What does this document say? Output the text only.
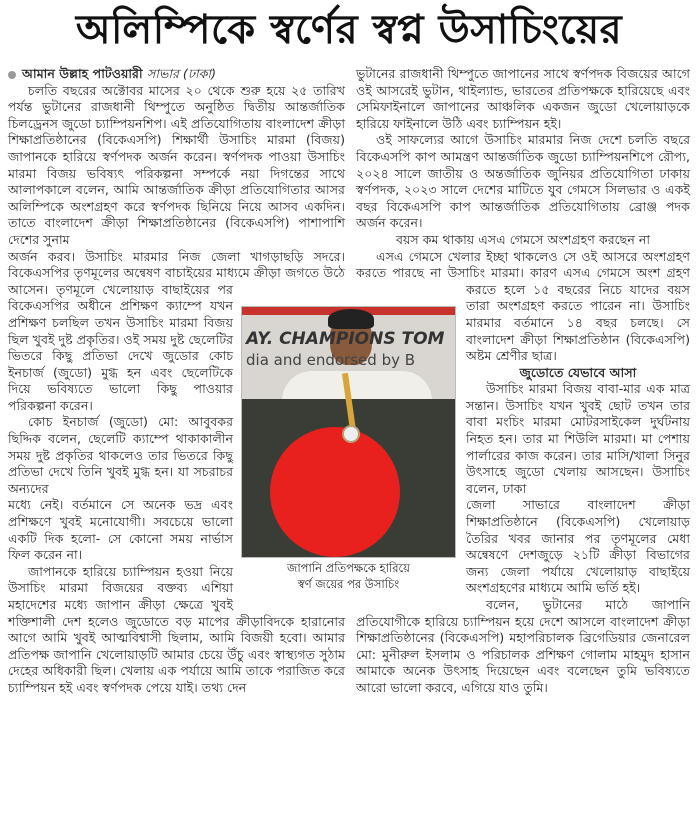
অলিম্পিকে স্বর্ণের স্বপ্ন উসাচিংয়ের

আমান উল্লাহ পাটওয়ারী সাভার (ঢাকা)

চলতি বছরের অক্টোবর মাসের ২০ থেকে শুরু হয়ে ২৫ তারিখ পর্যন্ত ভুটানের রাজধানী থিম্পুতে অনুষ্ঠিত দ্বিতীয় আন্তর্জাতিক চিলড্রেনস জুডো চ্যাম্পিয়নশিপ। এই প্রতিযোগিতায় বাংলাদেশ ক্রীড়া শিক্ষাপ্রতিষ্ঠানের (বিকেএসপি) শিক্ষার্থী উসাচিং মারমা (বিজয়) জাপানকে হারিয়ে স্বর্ণপদক অর্জন করেন। স্বর্ণপদক পাওয়া উসাচিং মারমা বিজয় ভবিষ্যৎ পরিকল্পনা সম্পর্কে নয়া দিগন্তের সাথে আলাপকালে বলেন, আমি আন্তর্জাতিক ক্রীড়া প্রতিযোগিতার আসর অলিম্পিকে অংশগ্রহণ করে স্বর্ণপদক ছিনিয়ে নিয়ে আসব একদিন। তাতে বাংলাদেশ ক্রীড়া শিক্ষাপ্রতিষ্ঠানের (বিকেএসপি) পাশাপাশি দেশের সুনাম

অর্জন করব। উসাচিং মারমার নিজ জেলা খাগড়াছড়ি সদরে। বিকেএসপির তৃণমূলের অন্বেষণ বাচাইয়ের মাধ্যমে ক্রীড়া জগতে উঠে আসেন। তৃণমূলে খেলোয়াড় বাছাইয়ের পর বিকেএসপির অধীনে প্রশিক্ষণ ক্যাম্পে যখন প্রশিক্ষণ চলছিল তখন উসাচিং মারমা বিজয় ছিল খুবই দুষ্ট প্রকৃতির। ওই সময় দুষ্ট ছেলেটির ভিতরে কিছু প্রতিভা দেখে জুডোর কোচ ইনচার্জ (জুডো) মুগ্ধ হন এবং ছেলেটিকে দিয়ে ভবিষ্যতে ভালো কিছু পাওয়ার পরিকল্পনা করেন।

কোচ ইনচার্জ (জুডো) মো: আবুবকর ছিদ্দিক বলেন, ছেলেটি ক্যাম্পে থাকাকালীন সময় দুষ্ট প্রকৃতির থাকলেও তার ভিতরে কিছু প্রতিভা দেখে তিনি খুবই মুগ্ধ হন। যা সচরাচর অন্যদের

মধ্যে নেই। বর্তমানে সে অনেক ভদ্র এবং প্রশিক্ষণে খুবই মনোযোগী। সবচেয়ে ভালো একটি দিক হলো- সে কোনো সময় নার্ভাস ফিল করেন না।

জাপানকে হারিয়ে চ্যাম্পিয়ন হওয়া নিয়ে উসাচিং মারমা বিজয়ের বক্তব্য এশিয়া মহাদেশের মধ্যে জাপান ক্রীড়া ক্ষেত্রে খুবই শক্তিশালী দেশ হলেও জুডোতে বড় মাপের ক্রীড়াবিদকে হারানোর আগে আমি খুবই আত্মবিশ্বাসী ছিলাম, আমি বিজয়ী হবো। আমার প্রতিপক্ষ জাপানি খেলোয়াড়টি আমার চেয়ে উঁচু এবং স্বাস্থ্যগত সুঠাম দেহের অধিকারী ছিল। খেলায় এক পর্যায়ে আমি তাকে পরাজিত করে চ্যাম্পিয়ন হই এবং স্বর্ণপদক পেয়ে যাই। তথ্য দেন

ভুটানের রাজধানী থিম্পুতে জাপানের সাথে স্বর্ণপদক বিজয়ের আগে ওই আসরেই ভুটান, থাইল্যান্ড, ভারতের প্রতিপক্ষকে হারিয়েছে এবং সেমিফাইনালে জাপানের আঞ্চলিক একজন জুডো খেলোয়াড়কে হারিয়ে ফাইনালে উঠি এবং চ্যাম্পিয়ন হই।

ওই সাফল্যের আগে উসাচিং মারমার নিজ দেশে চলতি বছরে বিকেএসপি কাপ আমন্ত্রণ আন্তর্জাতিক জুডো চ্যাম্পিয়নশিপে রৌপ্য, ২০২৪ সালে জাতীয় ও অন্তর্জাতিক জুনিয়র প্রতিযোগিতা ঢাকায় স্বর্ণপদক, ২০২৩ সালে দেশের মাটিতে যুব গেমসে সিলভার ও একই বছর বিকেএসপি কাপ আন্তর্জাতিক প্রতিযোগিতায় ব্রোঞ্জ পদক অর্জন করেন।

বয়স কম থাকায় এসএ গেমসে অংশগ্রহণ করছেন না

এসএ গেমসে খেলার ইচ্ছা থাকলেও সে ওই আসরে অংশগ্রহণ করতে পারছে না উসাচিং মারমা। কারণ এসএ গেমসে অংশ গ্রহণ করতে হলে ১৫ বছরের নিচে যাদের বয়স তারা অংশগ্রহণ করতে পারেন না। উসাচিং মারমার বর্তমানে ১৪ বছর চলছে। সে বাংলাদেশ ক্রীড়া শিক্ষাপ্রতিষ্ঠান (বিকেএসপি) অষ্টম শ্রেণীর ছাত্র।

জুডোতে যেভাবে আসা

উসাচিং মারমা বিজয় বাবা-মার এক মাত্র সন্তান। উসাচিং যখন খুবই ছোট তখন তার বাবা মংচিং মারমা মোটরসাইকেল দুর্ঘটনায় নিহত হন। তার মা শিউলি মারমা। মা পেশায় পার্লারের কাজ করেন। তার মাসি/খালা সিনুর উৎসাহে জুডো খেলায় আসছেন। উসাচিং বলেন, ঢাকা

জেলা সাভারে বাংলাদেশ ক্রীড়া শিক্ষাপ্রতিষ্ঠানে (বিকেএসপি) খেলোয়াড় তৈরির খবর জানার পর তৃণমূলের মেধা অন্বেষণে দেশজুড়ে ২১টি ক্রীড়া বিভাগের জন্য জেলা পর্যায়ে খেলোয়াড় বাছাইয়ে অংশগ্রহণের মাধ্যমে আমি ভর্তি হই।

বলেন, ভুটানের মাঠে জাপানি প্রতিযোগীকে হারিয়ে চ্যাম্পিয়ন হয়ে দেশে আসলে বাংলাদেশ ক্রীড়া শিক্ষাপ্রতিষ্ঠানের (বিকেএসপি) মহাপরিচালক ব্রিগেডিয়ার জেনারেল মো: মুনীরুল ইসলাম ও পরিচালক প্রশিক্ষণ গোলাম মাহমুদ হাসান আমাকে অনেক উৎসাহ দিয়েছেন এবং বলেছেন তুমি ভবিষ্যতে আরো ভালো করবে, এগিয়ে যাও তুমি।

AY. CHAMPIONS TOM
dia and endorsed by B
জাপানি প্রতিপক্ষকে হারিয়ে
স্বর্ণ জয়ের পর উসাচিং
